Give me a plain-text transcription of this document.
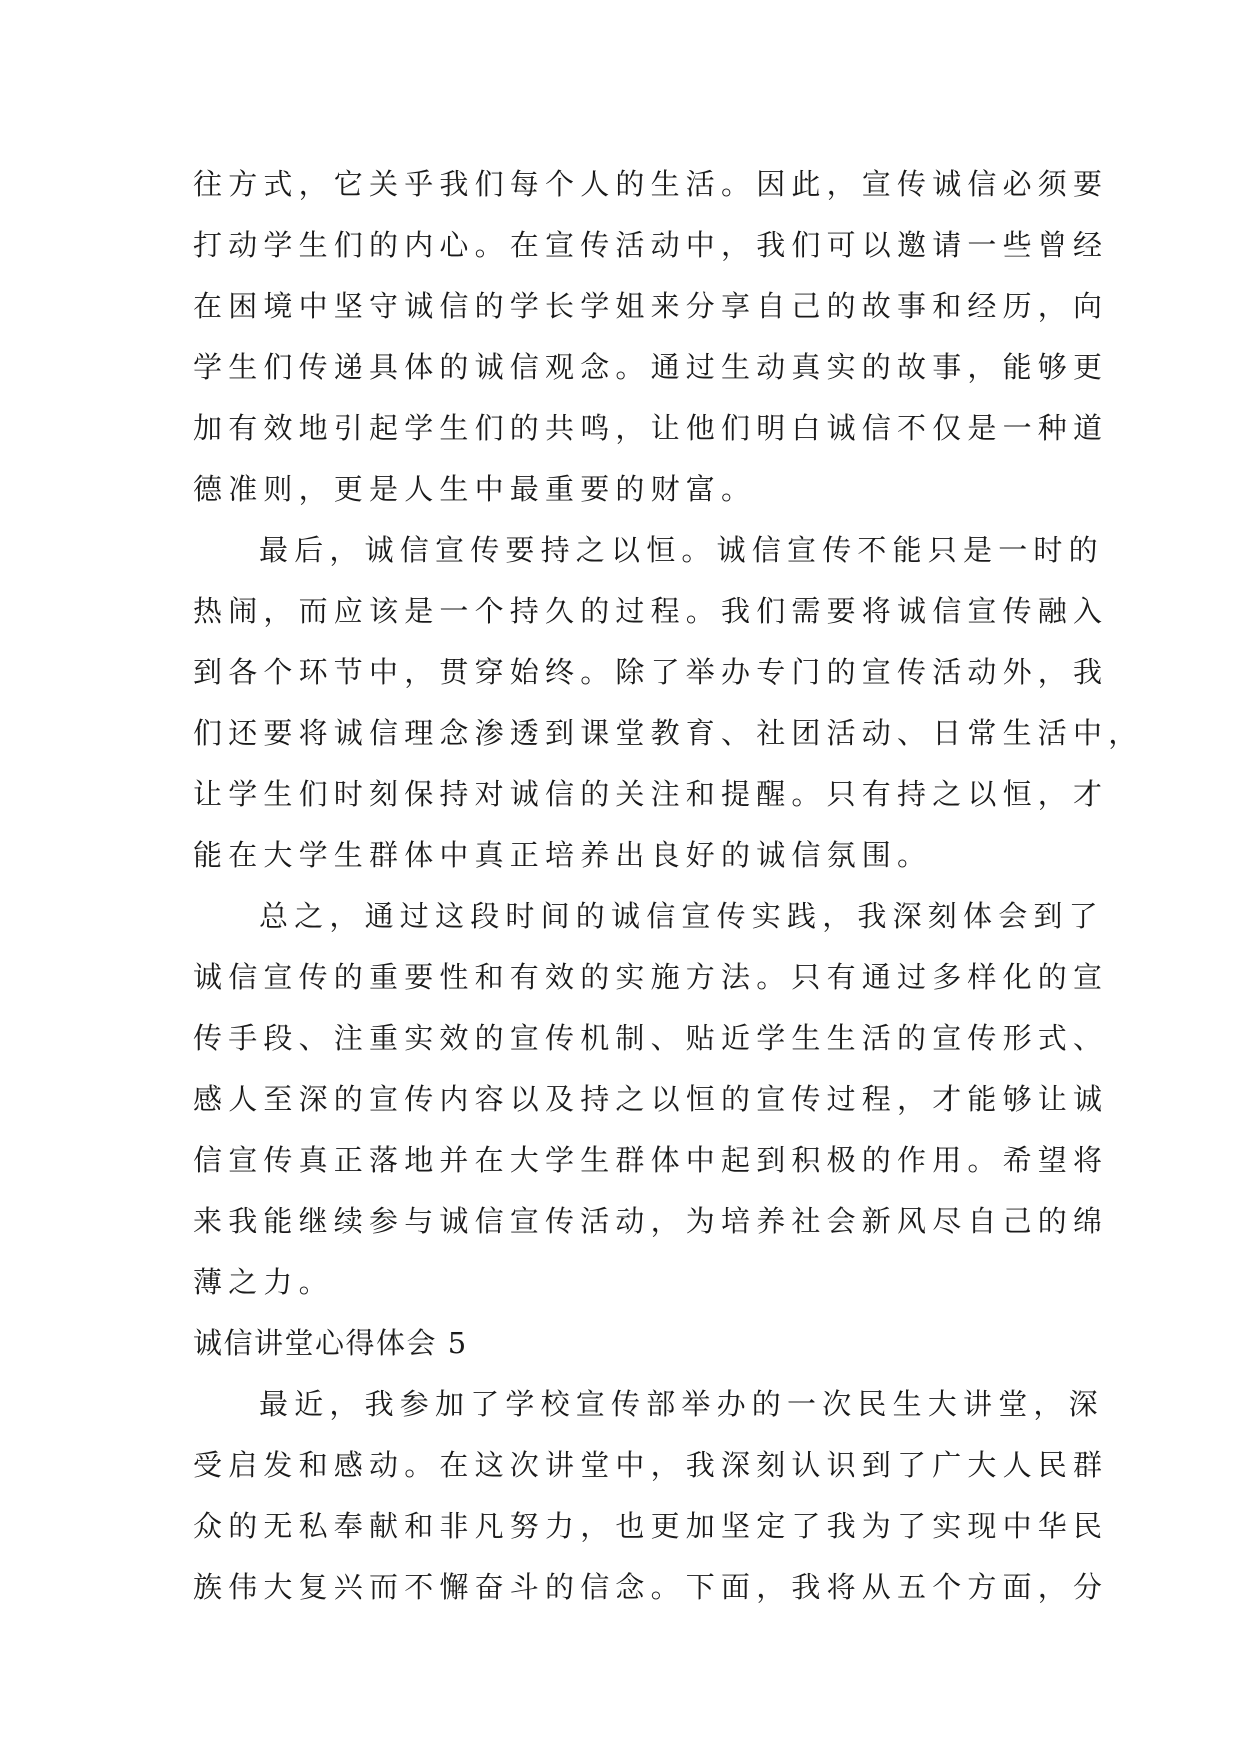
往方式，它关乎我们每个人的生活。因此，宣传诚信必须要
打动学生们的内心。在宣传活动中，我们可以邀请一些曾经
在困境中坚守诚信的学长学姐来分享自己的故事和经历，向
学生们传递具体的诚信观念。通过生动真实的故事，能够更
加有效地引起学生们的共鸣，让他们明白诚信不仅是一种道
德准则，更是人生中最重要的财富。
最后，诚信宣传要持之以恒。诚信宣传不能只是一时的
热闹，而应该是一个持久的过程。我们需要将诚信宣传融入
到各个环节中，贯穿始终。除了举办专门的宣传活动外，我
们还要将诚信理念渗透到课堂教育、社团活动、日常生活中，
让学生们时刻保持对诚信的关注和提醒。只有持之以恒，才
能在大学生群体中真正培养出良好的诚信氛围。
总之，通过这段时间的诚信宣传实践，我深刻体会到了
诚信宣传的重要性和有效的实施方法。只有通过多样化的宣
传手段、注重实效的宣传机制、贴近学生生活的宣传形式、
感人至深的宣传内容以及持之以恒的宣传过程，才能够让诚
信宣传真正落地并在大学生群体中起到积极的作用。希望将
来我能继续参与诚信宣传活动，为培养社会新风尽自己的绵
薄之力。
诚信讲堂心得体会 5
最近，我参加了学校宣传部举办的一次民生大讲堂，深
受启发和感动。在这次讲堂中，我深刻认识到了广大人民群
众的无私奉献和非凡努力，也更加坚定了我为了实现中华民
族伟大复兴而不懈奋斗的信念。下面，我将从五个方面，分
